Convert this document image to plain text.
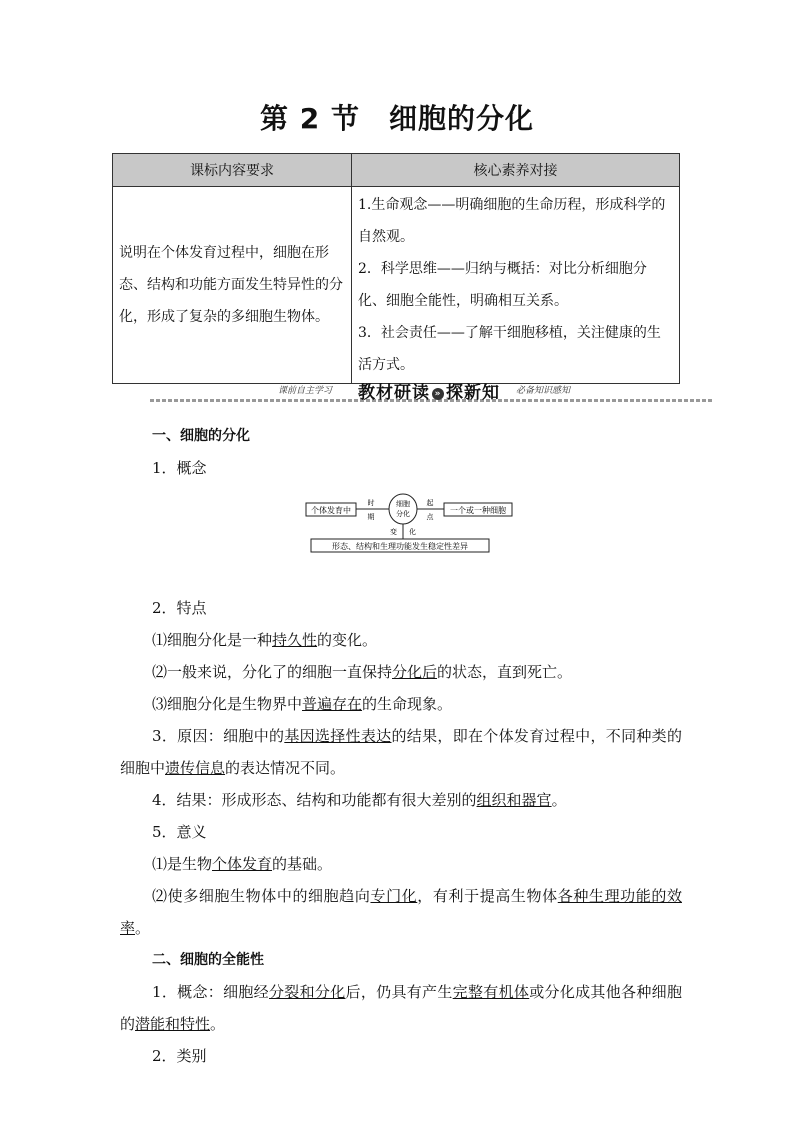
第 2 节　细胞的分化
课标内容要求	核心素养对接
说明在个体发育过程中，细胞在形态、结构和功能方面发生特异性的分化，形成了复杂的多细胞生物体。	1.生命观念——明确细胞的生命历程，形成科学的自然观。
2．科学思维——归纳与概括：对比分析细胞分化、细胞全能性，明确相互关系。
3．社会责任——了解干细胞移植，关注健康的生活方式。
课前自主学习 教材研读 » 探新知 必备知识感知

一、细胞的分化

1．概念

个体发育中
时
期
细胞
分化
起
点
一个或一种细胞
变 化
形态、结构和生理功能发生稳定性差异

2．特点

⑴细胞分化是一种持久性的变化。

⑵一般来说，分化了的细胞一直保持分化后的状态，直到死亡。

⑶细胞分化是生物界中普遍存在的生命现象。

3．原因：细胞中的基因选择性表达的结果，即在个体发育过程中，不同种类的细胞中遗传信息的表达情况不同。

4．结果：形成形态、结构和功能都有很大差别的组织和器官。

5．意义

⑴是生物个体发育的基础。

⑵使多细胞生物体中的细胞趋向专门化，有利于提高生物体各种生理功能的效率。

二、细胞的全能性

1．概念：细胞经分裂和分化后，仍具有产生完整有机体或分化成其他各种细胞的潜能和特性。

2．类别
